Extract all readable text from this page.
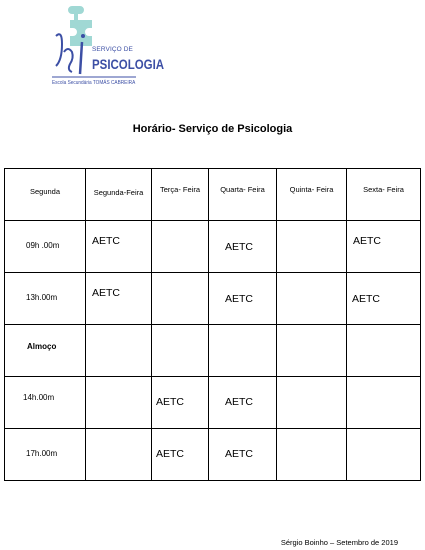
SERVIÇO DE
PSICOLOGIA
Escola Secundária TOMÁS CABREIRA
Horário- Serviço de Psicologia
Segunda	Segunda-Feira	Terça- Feira	Quarta- Feira	Quinta- Feira	Sexta- Feira

09h .00m	AETC		AETC		AETC

13h.00m	AETC		AETC		AETC

Almoço					

14h.00m		AETC	AETC		

17h.00m		AETC	AETC		

Sérgio Boinho – Setembro de 2019
